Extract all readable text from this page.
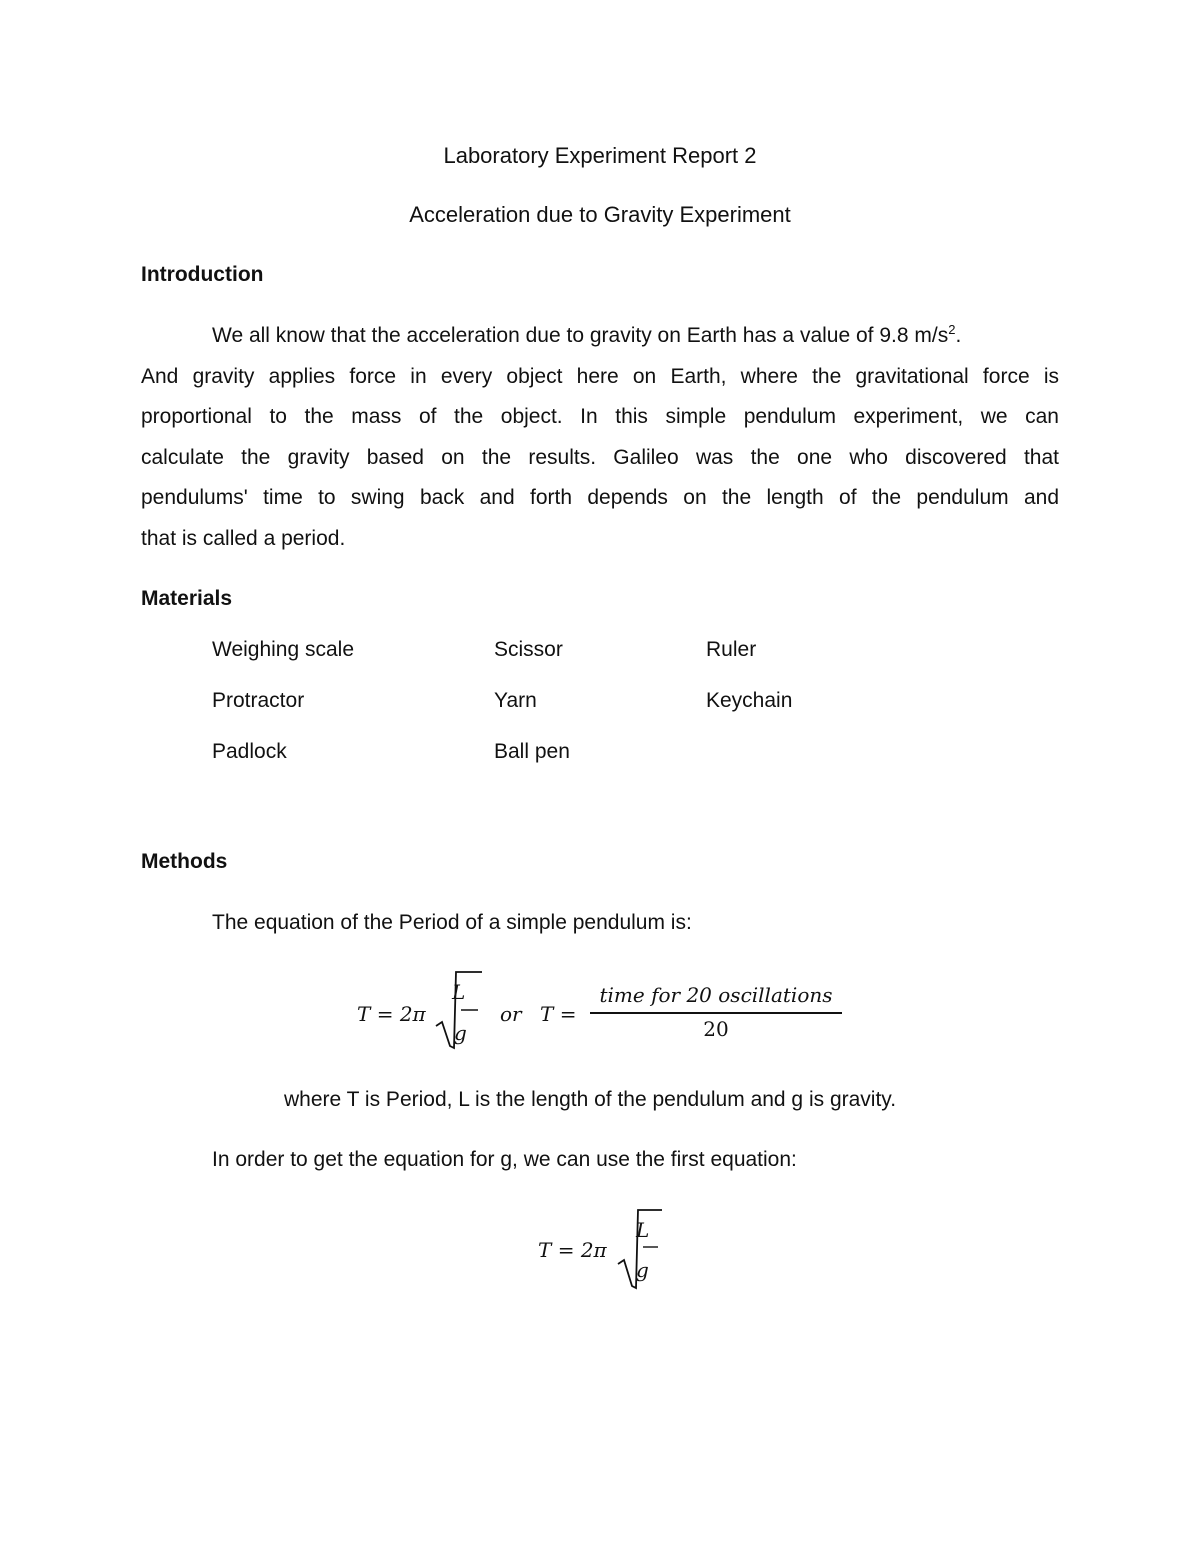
Laboratory Experiment Report 2
Acceleration due to Gravity Experiment
Introduction
We all know that the acceleration due to gravity on Earth has a value of 9.8 $m/s^2$.
And gravity applies force in every object here on Earth, where the gravitational force is
proportional to the mass of the object. In this simple pendulum experiment, we can
calculate the gravity based on the results. Galileo was the one who discovered that
pendulums' time to swing back and forth depends on the length of the pendulum and
that is called a period.
Materials
Weighing scale	Scissor	Ruler
Protractor	Yarn	Keychain
Padlock	Ball pen
Methods
The equation of the Period of a simple pendulum is:
T = 2π
L
g
or T =
time for 20 oscillations
20
where T is Period, L is the length of the pendulum and g is gravity.
In order to get the equation for g, we can use the first equation:
T = 2π
L
g
